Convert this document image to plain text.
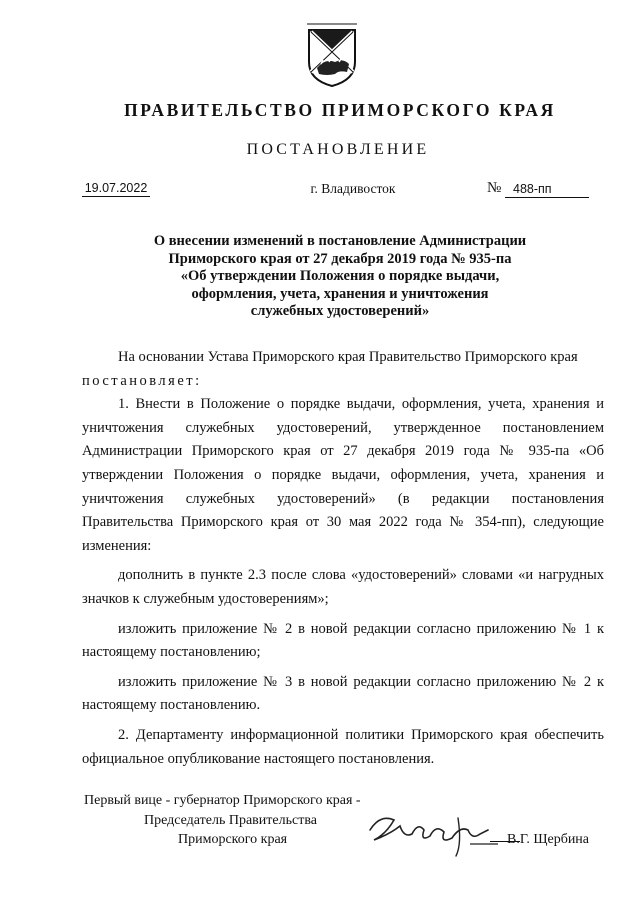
ПРАВИТЕЛЬСТВО ПРИМОРСКОГО КРАЯ
ПОСТАНОВЛЕНИЕ
19.07.2022	г. Владивосток	№ 488-пп
О внесении изменений в постановление Администрации
Приморского края от 27 декабря 2019 года № 935-па
«Об утверждении Положения о порядке выдачи,
оформления, учета, хранения и уничтожения
служебных удостоверений»
На основании Устава Приморского края Правительство Приморского края
постановляет:
1. Внести в Положение о порядке выдачи, оформления, учета, хранения и уничтожения служебных удостоверений, утвержденное постановлением Администрации Приморского края от 27 декабря 2019 года № 935-па «Об утверждении Положения о порядке выдачи, оформления, учета, хранения и уничтожения служебных удостоверений» (в редакции постановления Правительства Приморского края от 30 мая 2022 года № 354-пп), следующие изменения:
дополнить в пункте 2.3 после слова «удостоверений» словами «и нагрудных значков к служебным удостоверениям»;
изложить приложение № 2 в новой редакции согласно приложению № 1 к настоящему постановлению;
изложить приложение № 3 в новой редакции согласно приложению № 2 к настоящему постановлению.
2. Департаменту информационной политики Приморского края обеспечить официальное опубликование настоящего постановления.
Первый вице - губернатор Приморского края -
Председатель Правительства
Приморского края	В.Г. Щербина
